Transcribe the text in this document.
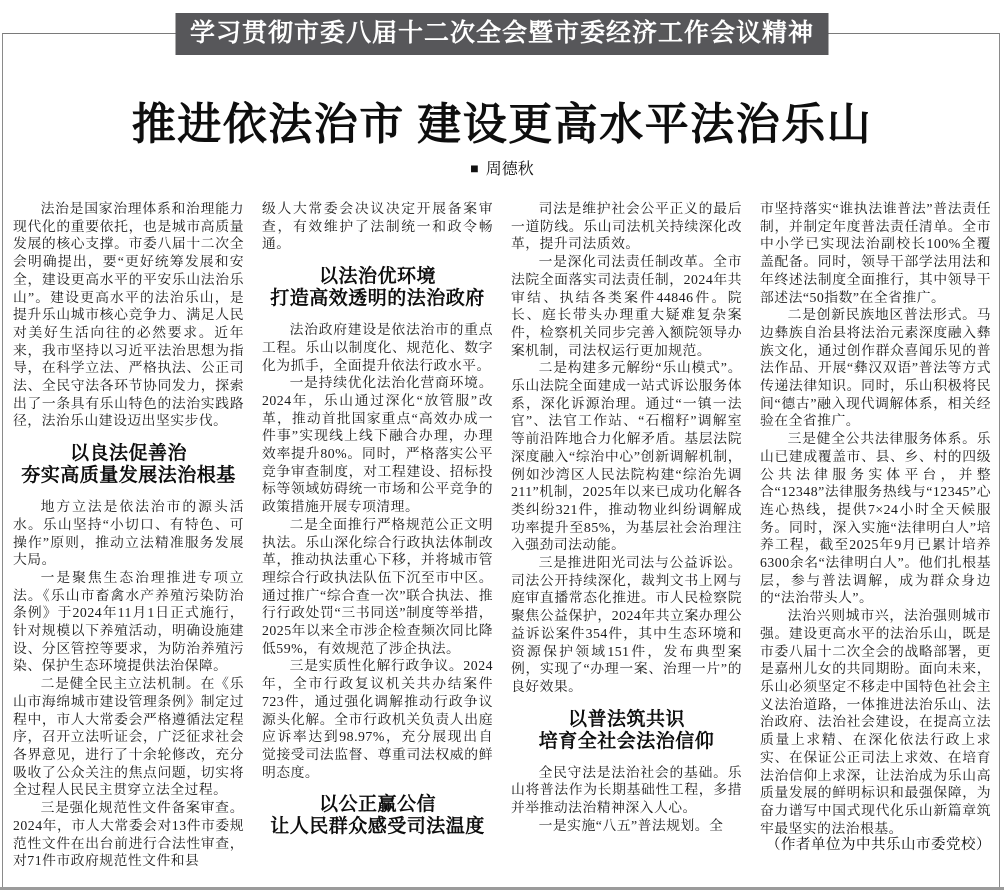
学习贯彻市委八届十二次全会暨市委经济工作会议精神
推进依法治市 建设更高水平法治乐山
■ 周德秋

法治是国家治理体系和治理能力现代化的重要依托，也是城市高质量发展的核心支撑。市委八届十二次全会明确提出，要“更好统筹发展和安全，建设更高水平的平安乐山法治乐山”。建设更高水平的法治乐山，是提升乐山城市核心竞争力、满足人民对美好生活向往的必然要求。近年来，我市坚持以习近平法治思想为指导，在科学立法、严格执法、公正司法、全民守法各环节协同发力，探索出了一条具有乐山特色的法治实践路径，法治乐山建设迈出坚实步伐。

以良法促善治
夯实高质量发展法治根基

地方立法是依法治市的源头活水。乐山坚持“小切口、有特色、可操作”原则，推动立法精准服务发展大局。

一是聚焦生态治理推进专项立法。《乐山市畜禽水产养殖污染防治条例》于2024年11月1日正式施行，针对规模以下养殖活动，明确设施建设、分区管控等要求，为防治养殖污染、保护生态环境提供法治保障。

二是健全民主立法机制。在《乐山市海绵城市建设管理条例》制定过程中，市人大常委会严格遵循法定程序，召开立法听证会，广泛征求社会各界意见，进行了十余轮修改，充分吸收了公众关注的焦点问题，切实将全过程人民民主贯穿立法全过程。

三是强化规范性文件备案审查。2024年，市人大常委会对13件市委规范性文件在出台前进行合法性审查，对71件市政府规范性文件和县

级人大常委会决议决定开展备案审查，有效维护了法制统一和政令畅通。

以法治优环境
打造高效透明的法治政府

法治政府建设是依法治市的重点工程。乐山以制度化、规范化、数字化为抓手，全面提升依法行政水平。

一是持续优化法治化营商环境。2024年，乐山通过深化“放管服”改革，推动首批国家重点“高效办成一件事”实现线上线下融合办理，办理效率提升80%。同时，严格落实公平竞争审查制度，对工程建设、招标投标等领域妨碍统一市场和公平竞争的政策措施开展专项清理。

二是全面推行严格规范公正文明执法。乐山深化综合行政执法体制改革，推动执法重心下移，并将城市管理综合行政执法队伍下沉至市中区。通过推广“综合查一次”联合执法、推行行政处罚“三书同送”制度等举措，2025年以来全市涉企检查频次同比降低59%，有效规范了涉企执法。

三是实质性化解行政争议。2024年，全市行政复议机关共办结案件723件，通过强化调解推动行政争议源头化解。全市行政机关负责人出庭应诉率达到98.97%，充分展现出自觉接受司法监督、尊重司法权威的鲜明态度。

以公正赢公信
让人民群众感受司法温度

司法是维护社会公平正义的最后一道防线。乐山司法机关持续深化改革，提升司法质效。

一是深化司法责任制改革。全市法院全面落实司法责任制，2024年共审结、执结各类案件44846件。院长、庭长带头办理重大疑难复杂案件，检察机关同步完善入额院领导办案机制，司法权运行更加规范。

二是构建多元解纷“乐山模式”。乐山法院全面建成一站式诉讼服务体系，深化诉源治理。通过“一镇一法官”、法官工作站、“石榴籽”调解室等前沿阵地合力化解矛盾。基层法院深度融入“综治中心”创新调解机制，例如沙湾区人民法院构建“综治先调211”机制，2025年以来已成功化解各类纠纷321件，推动物业纠纷调解成功率提升至85%，为基层社会治理注入强劲司法动能。

三是推进阳光司法与公益诉讼。司法公开持续深化，裁判文书上网与庭审直播常态化推进。市人民检察院聚焦公益保护，2024年共立案办理公益诉讼案件354件，其中生态环境和资源保护领域151件，发布典型案例，实现了“办理一案、治理一片”的良好效果。

以普法筑共识
培育全社会法治信仰

全民守法是法治社会的基础。乐山将普法作为长期基础性工程，多措并举推动法治精神深入人心。

一是实施“八五”普法规划。全

市坚持落实“谁执法谁普法”普法责任制，并制定年度普法责任清单。全市中小学已实现法治副校长100%全覆盖配备。同时，领导干部学法用法和年终述法制度全面推行，其中领导干部述法“50指数”在全省推广。

二是创新民族地区普法形式。马边彝族自治县将法治元素深度融入彝族文化，通过创作群众喜闻乐见的普法作品、开展“彝汉双语”普法等方式传递法律知识。同时，乐山积极将民间“德古”融入现代调解体系，相关经验在全省推广。

三是健全公共法律服务体系。乐山已建成覆盖市、县、乡、村的四级公共法律服务实体平台，并整合“12348”法律服务热线与“12345”心连心热线，提供7×24小时全天候服务。同时，深入实施“法律明白人”培养工程，截至2025年9月已累计培养6300余名“法律明白人”。他们扎根基层，参与普法调解，成为群众身边的“法治带头人”。

法治兴则城市兴，法治强则城市强。建设更高水平的法治乐山，既是市委八届十二次全会的战略部署，更是嘉州儿女的共同期盼。面向未来，乐山必须坚定不移走中国特色社会主义法治道路，一体推进法治乐山、法治政府、法治社会建设，在提高立法质量上求精、在深化依法行政上求实、在保证公正司法上求效、在培育法治信仰上求深，让法治成为乐山高质量发展的鲜明标识和最强保障，为奋力谱写中国式现代化乐山新篇章筑牢最坚实的法治根基。

（作者单位为中共乐山市委党校）
